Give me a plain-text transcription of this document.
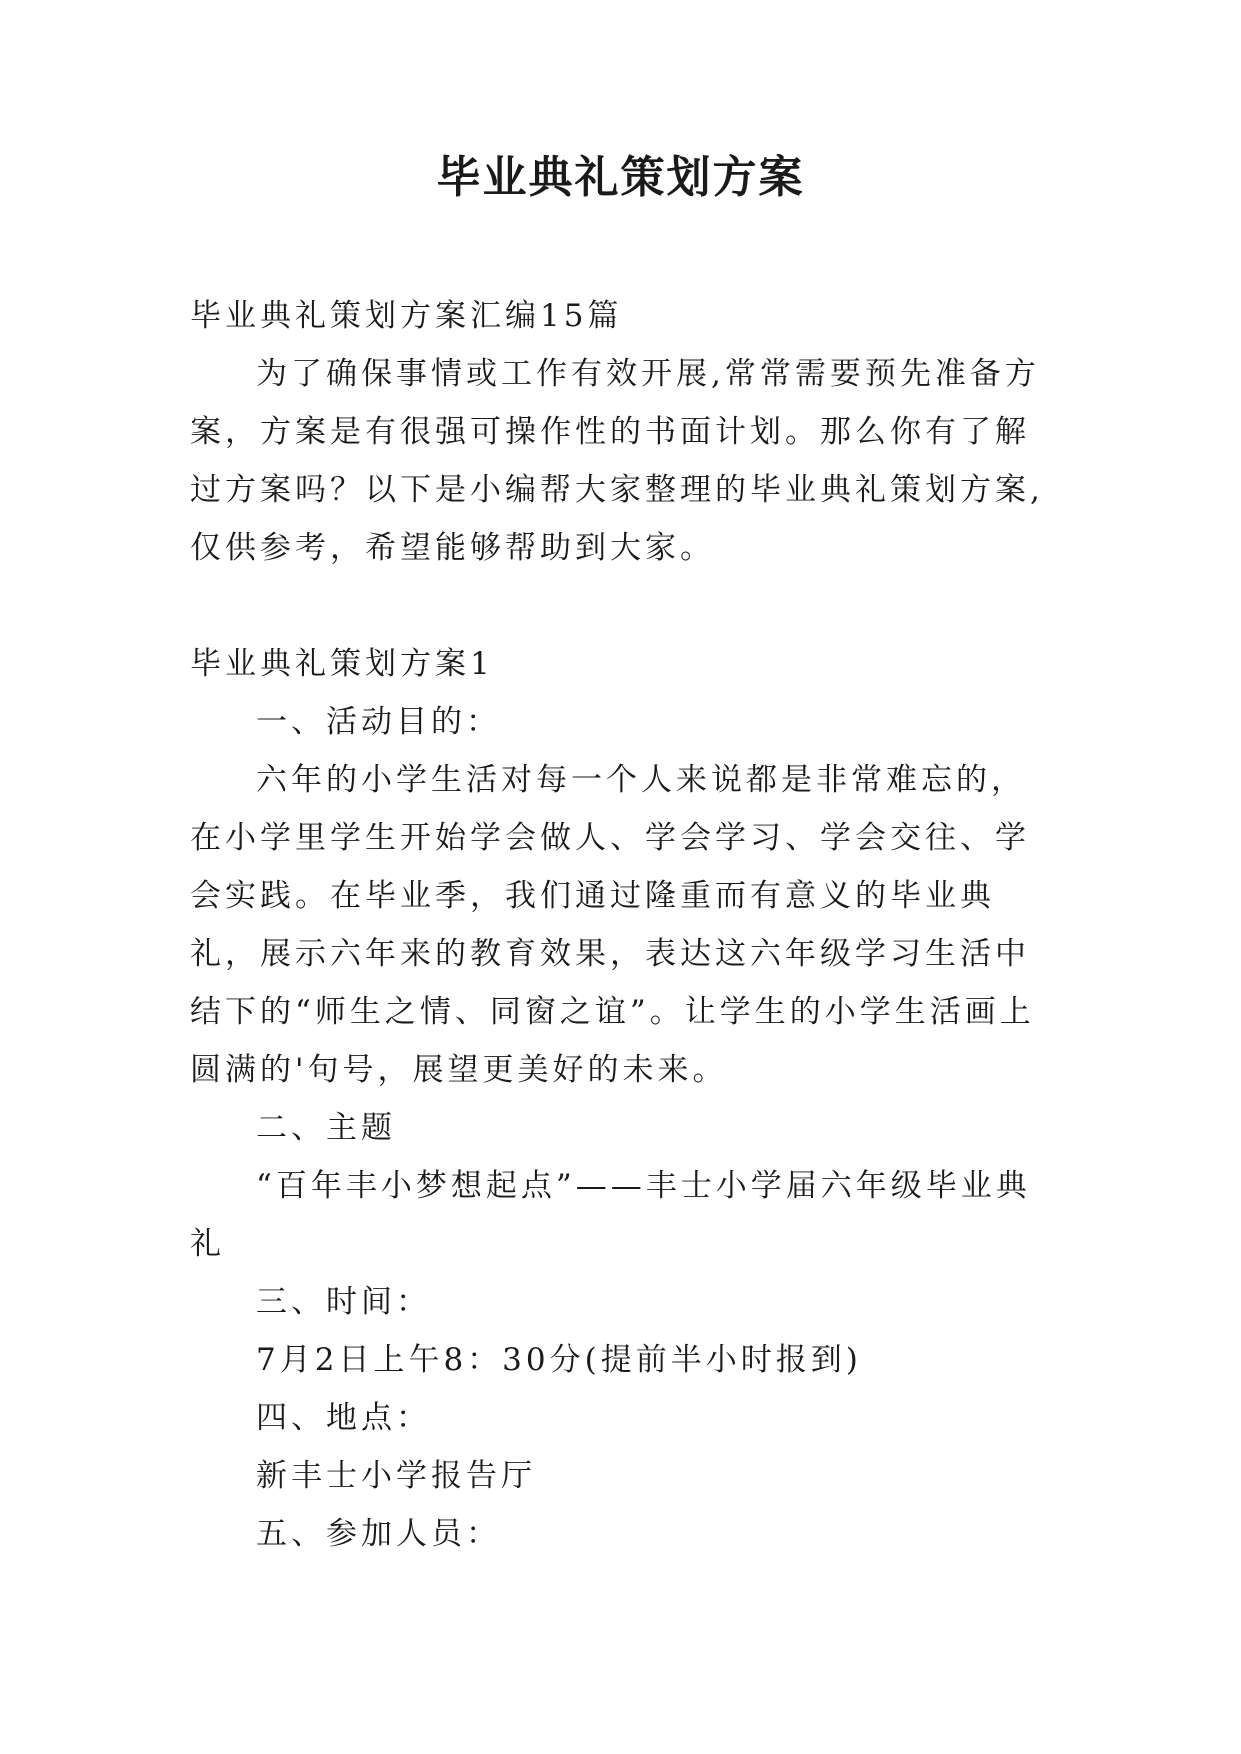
毕业典礼策划方案

毕业典礼策划方案汇编15篇

为了确保事情或工作有效开展,常常需要预先准备方案，方案是有很强可操作性的书面计划。那么你有了解过方案吗？以下是小编帮大家整理的毕业典礼策划方案,仅供参考，希望能够帮助到大家。

毕业典礼策划方案1

一、活动目的：

六年的小学生活对每一个人来说都是非常难忘的，在小学里学生开始学会做人、学会学习、学会交往、学会实践。在毕业季，我们通过隆重而有意义的毕业典礼，展示六年来的教育效果，表达这六年级学习生活中结下的“师生之情、同窗之谊”。让学生的小学生活画上圆满的'句号，展望更美好的未来。

二、主题

“百年丰小梦想起点”——丰士小学届六年级毕业典礼

三、时间：

7月2日上午8：30分(提前半小时报到)

四、地点：

新丰士小学报告厅

五、参加人员：
